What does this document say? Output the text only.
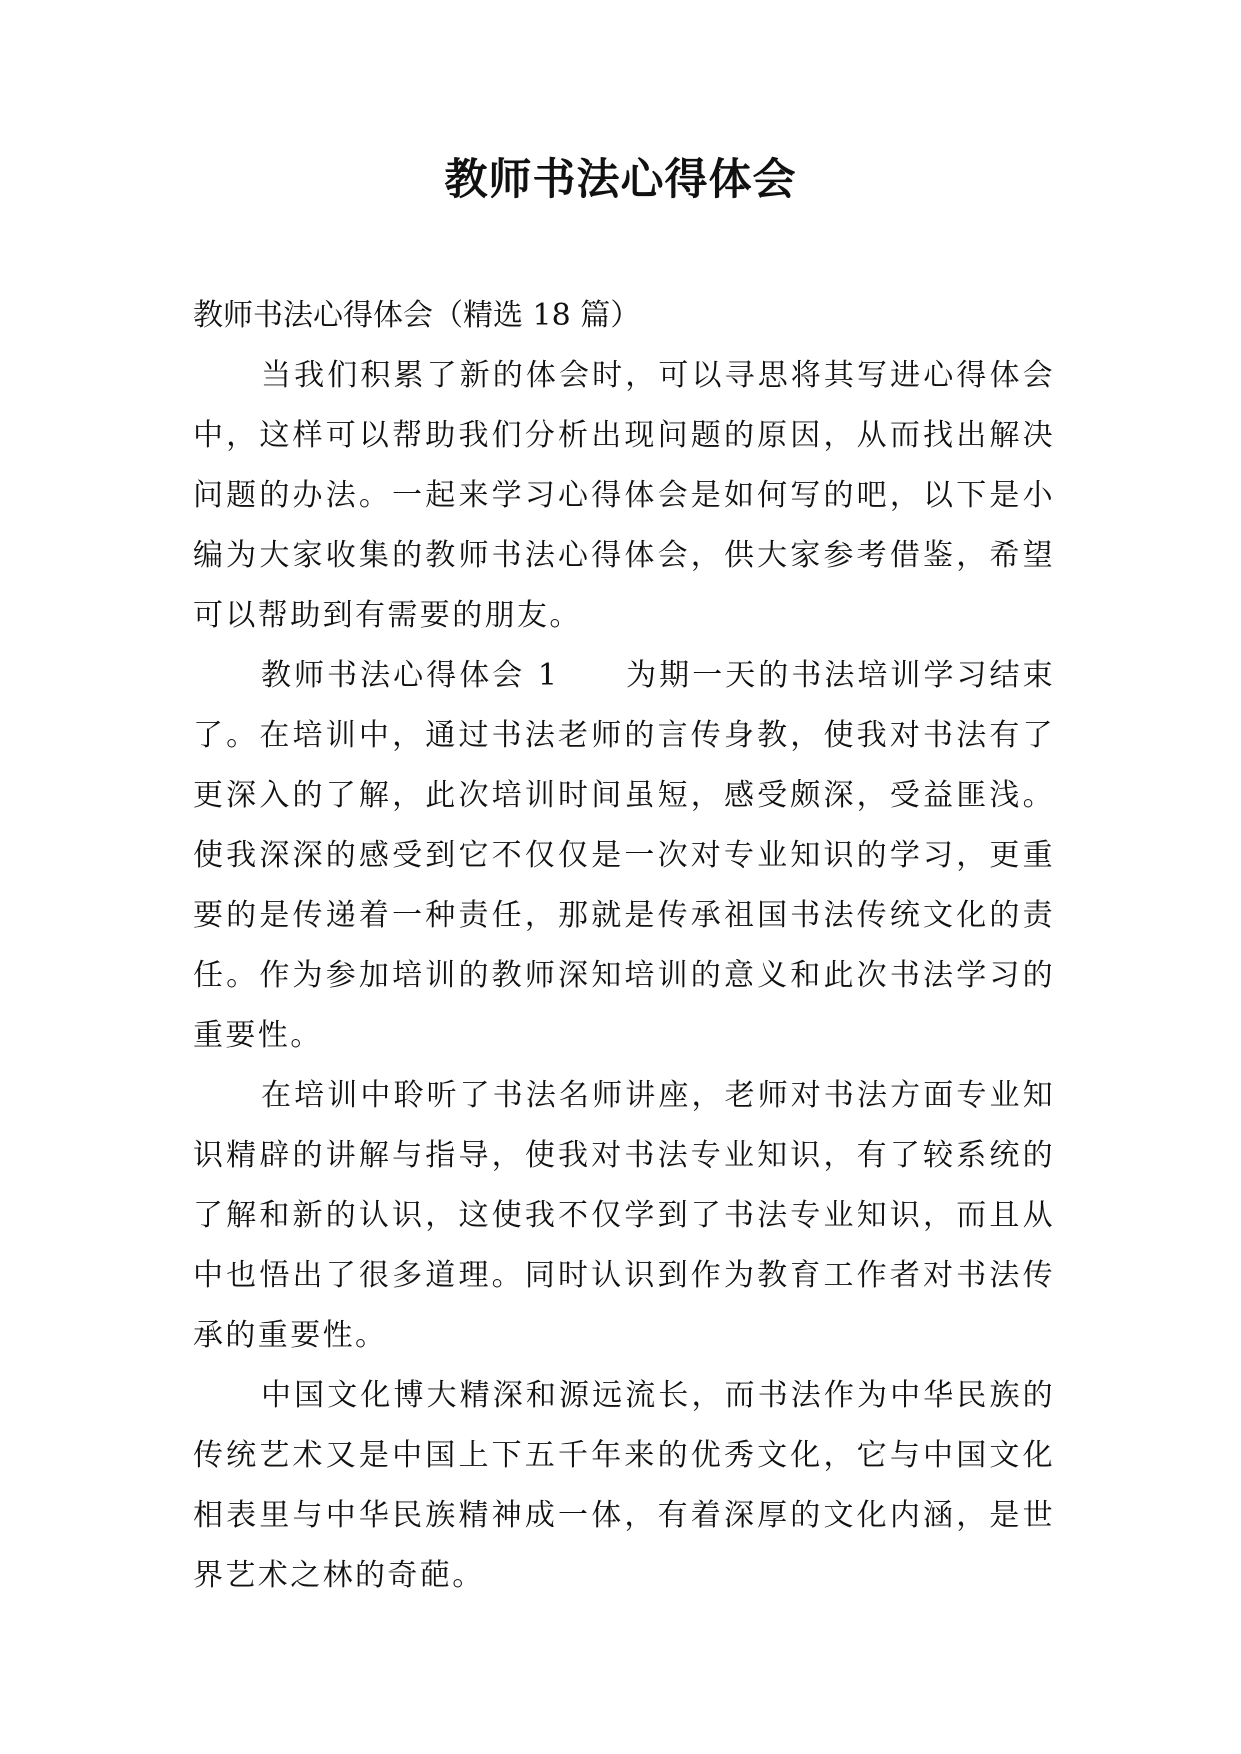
教师书法心得体会

教师书法心得体会（精选 18 篇）

当我们积累了新的体会时，可以寻思将其写进心得体会中，这样可以帮助我们分析出现问题的原因，从而找出解决问题的办法。一起来学习心得体会是如何写的吧，以下是小编为大家收集的教师书法心得体会，供大家参考借鉴，希望可以帮助到有需要的朋友。

教师书法心得体会 1　　为期一天的书法培训学习结束了。在培训中，通过书法老师的言传身教，使我对书法有了更深入的了解，此次培训时间虽短，感受颇深，受益匪浅。使我深深的感受到它不仅仅是一次对专业知识的学习，更重要的是传递着一种责任，那就是传承祖国书法传统文化的责任。作为参加培训的教师深知培训的意义和此次书法学习的重要性。

在培训中聆听了书法名师讲座，老师对书法方面专业知识精辟的讲解与指导，使我对书法专业知识，有了较系统的了解和新的认识，这使我不仅学到了书法专业知识，而且从中也悟出了很多道理。同时认识到作为教育工作者对书法传承的重要性。

中国文化博大精深和源远流长，而书法作为中华民族的传统艺术又是中国上下五千年来的优秀文化，它与中国文化相表里与中华民族精神成一体，有着深厚的文化内涵，是世界艺术之林的奇葩。
